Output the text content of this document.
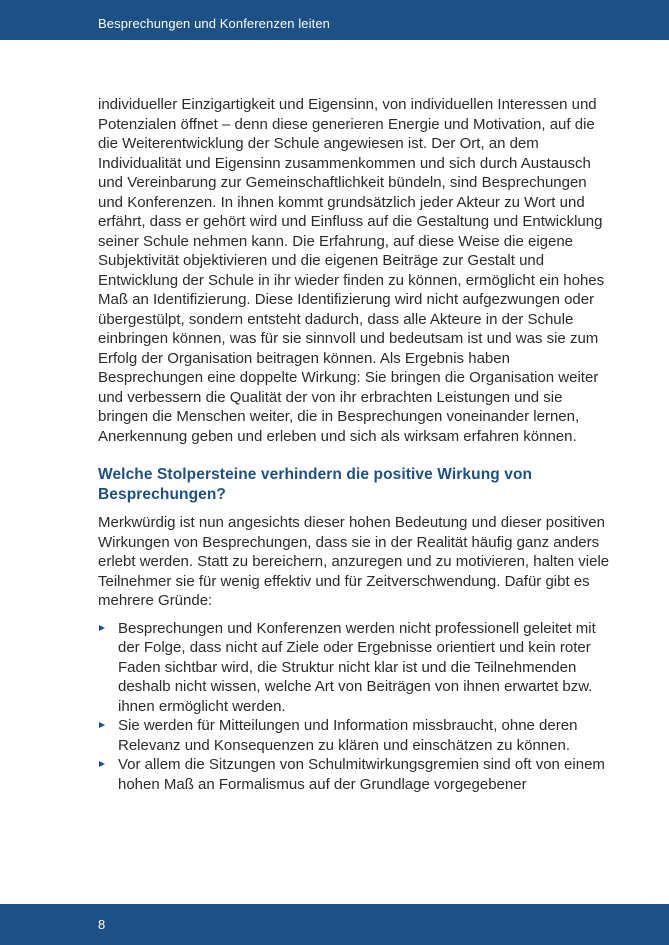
Besprechungen und Konferenzen leiten

individueller Einzigartigkeit und Eigensinn, von individuellen Interessen und Potenzialen öffnet – denn diese generieren Energie und Motivation, auf die die Weiterentwicklung der Schule angewiesen ist. Der Ort, an dem Individualität und Eigensinn zusammenkommen und sich durch Austausch und Vereinbarung zur Gemeinschaftlichkeit bündeln, sind Besprechungen und Konferenzen. In ihnen kommt grundsätzlich jeder Akteur zu Wort und erfährt, dass er gehört wird und Einfluss auf die Gestaltung und Entwicklung seiner Schule nehmen kann. Die Erfahrung, auf diese Weise die eigene Subjektivität objektivieren und die eigenen Beiträge zur Gestalt und Entwicklung der Schule in ihr wieder finden zu können, ermöglicht ein hohes Maß an Identifizierung. Diese Identifizierung wird nicht aufgezwungen oder übergestülpt, sondern entsteht dadurch, dass alle Akteure in der Schule einbringen können, was für sie sinnvoll und bedeutsam ist und was sie zum Erfolg der Organisation beitragen können. Als Ergebnis haben Besprechungen eine doppelte Wirkung: Sie bringen die Organisation weiter und verbessern die Qualität der von ihr erbrachten Leistungen und sie bringen die Menschen weiter, die in Besprechungen voneinander lernen, Anerkennung geben und erleben und sich als wirksam erfahren können.

Welche Stolpersteine verhindern die positive Wirkung von Besprechungen?

Merkwürdig ist nun angesichts dieser hohen Bedeutung und dieser positiven Wirkungen von Besprechungen, dass sie in der Realität häufig ganz anders erlebt werden. Statt zu bereichern, anzuregen und zu motivieren, halten viele Teilnehmer sie für wenig effektiv und für Zeitverschwendung. Dafür gibt es mehrere Gründe:

Besprechungen und Konferenzen werden nicht professionell geleitet mit der Folge, dass nicht auf Ziele oder Ergebnisse orientiert und kein roter Faden sichtbar wird, die Struktur nicht klar ist und die Teilnehmenden deshalb nicht wissen, welche Art von Beiträgen von ihnen erwartet bzw. ihnen ermöglicht werden.
Sie werden für Mitteilungen und Information missbraucht, ohne deren Relevanz und Konsequenzen zu klären und einschätzen zu können.
Vor allem die Sitzungen von Schulmitwirkungsgremien sind oft von einem hohen Maß an Formalismus auf der Grundlage vorgegebener
8
